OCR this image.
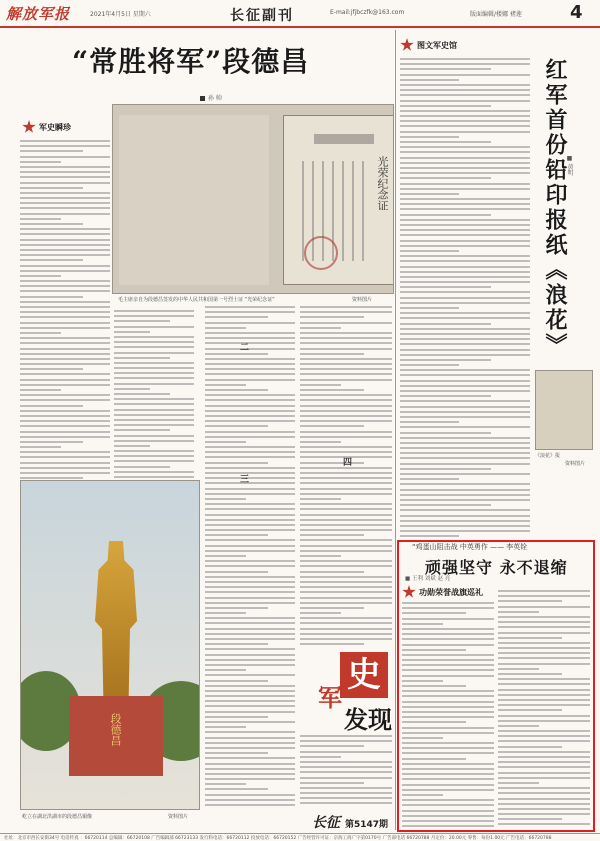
解放军报	2021年4月5日 星期六	长征副刊	E-mail:jfjbczfk@163.com	版面编辑/楼娜 褚莲	4
“常胜将军”段德昌
孙 帅
军史瞬珍
光荣纪念证
毛主席亲自为段德昌签发的中华人民共和国第一号烈士证 “光荣纪念证”	资料图片
段德昌
屹立在湖北洪湖市的段德昌铜像	资料图片
二
三
四
图文军史馆
红军首份铅印报纸《浪花》
■ 黄明
《浪花》报
资料图片
“鸡蛋山阻击战 中英勇作 —— 李英铨
顽强坚守 永不退缩
■ 王利 刘斌 赵 亮
功勋荣誉战旗巡礼
史
军
发现
长征 第5147期
社址：北京市西长安街34号 电话传真 ：66720114 总编辑：66720108 广告编辑部 66723133 发行科电话：66720112 投放电话：66720152 广告经营许可证：京海工商广字第0170号 广告部电话 66720788 月定价：20.00元 零售：每份1.00元 广告电话：66720788
